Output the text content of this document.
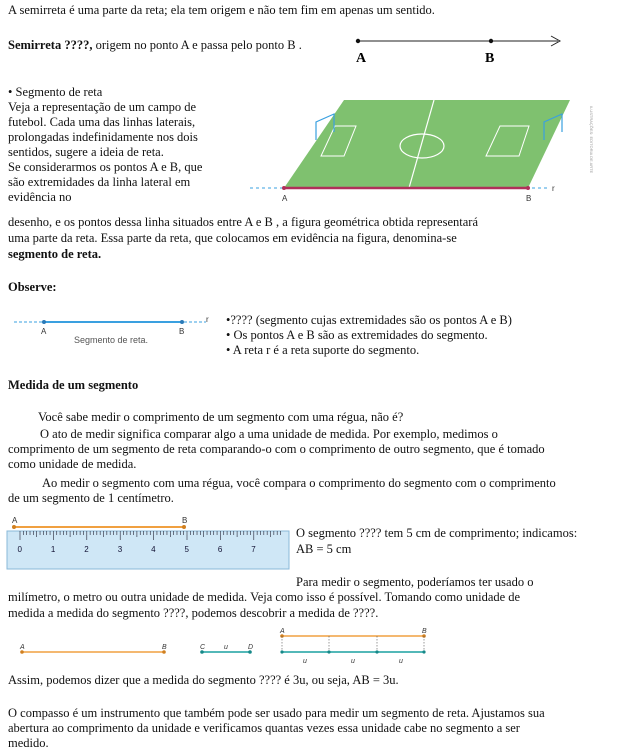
A semirreta é uma parte da reta; ela tem origem e não tem fim em apenas um sentido.
Semirreta ????, origem no ponto A e passa pelo ponto B .
A	B
• Segmento de reta
Veja a representação de um campo de
futebol. Cada uma das linhas laterais,
prolongadas indefinidamente nos dois
sentidos, sugere a ideia de reta.
Se considerarmos os pontos A e B, que
são extremidades da linha lateral em
evidência no	A	B
r
ILUSTRAÇÕES: EDITORIA DE ARTE
desenho, e os pontos dessa linha situados entre A e B , a figura geométrica obtida representará
uma parte da reta. Essa parte da reta, que colocamos em evidência na figura, denomina-se
segmento de reta.
Observe:
A	B
r
Segmento de reta.
•???? (segmento cujas extremidades são os pontos A e B)
• Os pontos A e B são as extremidades do segmento.
• A reta r é a reta suporte do segmento.
Medida de um segmento
Você sabe medir o comprimento de um segmento com uma régua, não é?
O ato de medir significa comparar algo a uma unidade de medida. Por exemplo, medimos o
comprimento de um segmento de reta comparando-o com o comprimento de outro segmento, que é tomado
como unidade de medida.
Ao medir o segmento com uma régua, você compara o comprimento do segmento com o comprimento
de um segmento de 1 centímetro.
A	B
0	1	2	3	4	5	6	7
O segmento ???? tem 5 cm de comprimento; indicamos:
AB = 5 cm
Para medir o segmento, poderíamos ter usado o
milímetro, o metro ou outra unidade de medida. Veja como isso é possível. Tomando como unidade de
medida a medida do segmento ????, podemos descobrir a medida de ????.
A	B	C	u	D
A	B
u	u	u
Assim, podemos dizer que a medida do segmento ???? é 3u, ou seja, AB = 3u.
O compasso é um instrumento que também pode ser usado para medir um segmento de reta. Ajustamos sua
abertura ao comprimento da unidade e verificamos quantas vezes essa unidade cabe no segmento a ser
medido.
